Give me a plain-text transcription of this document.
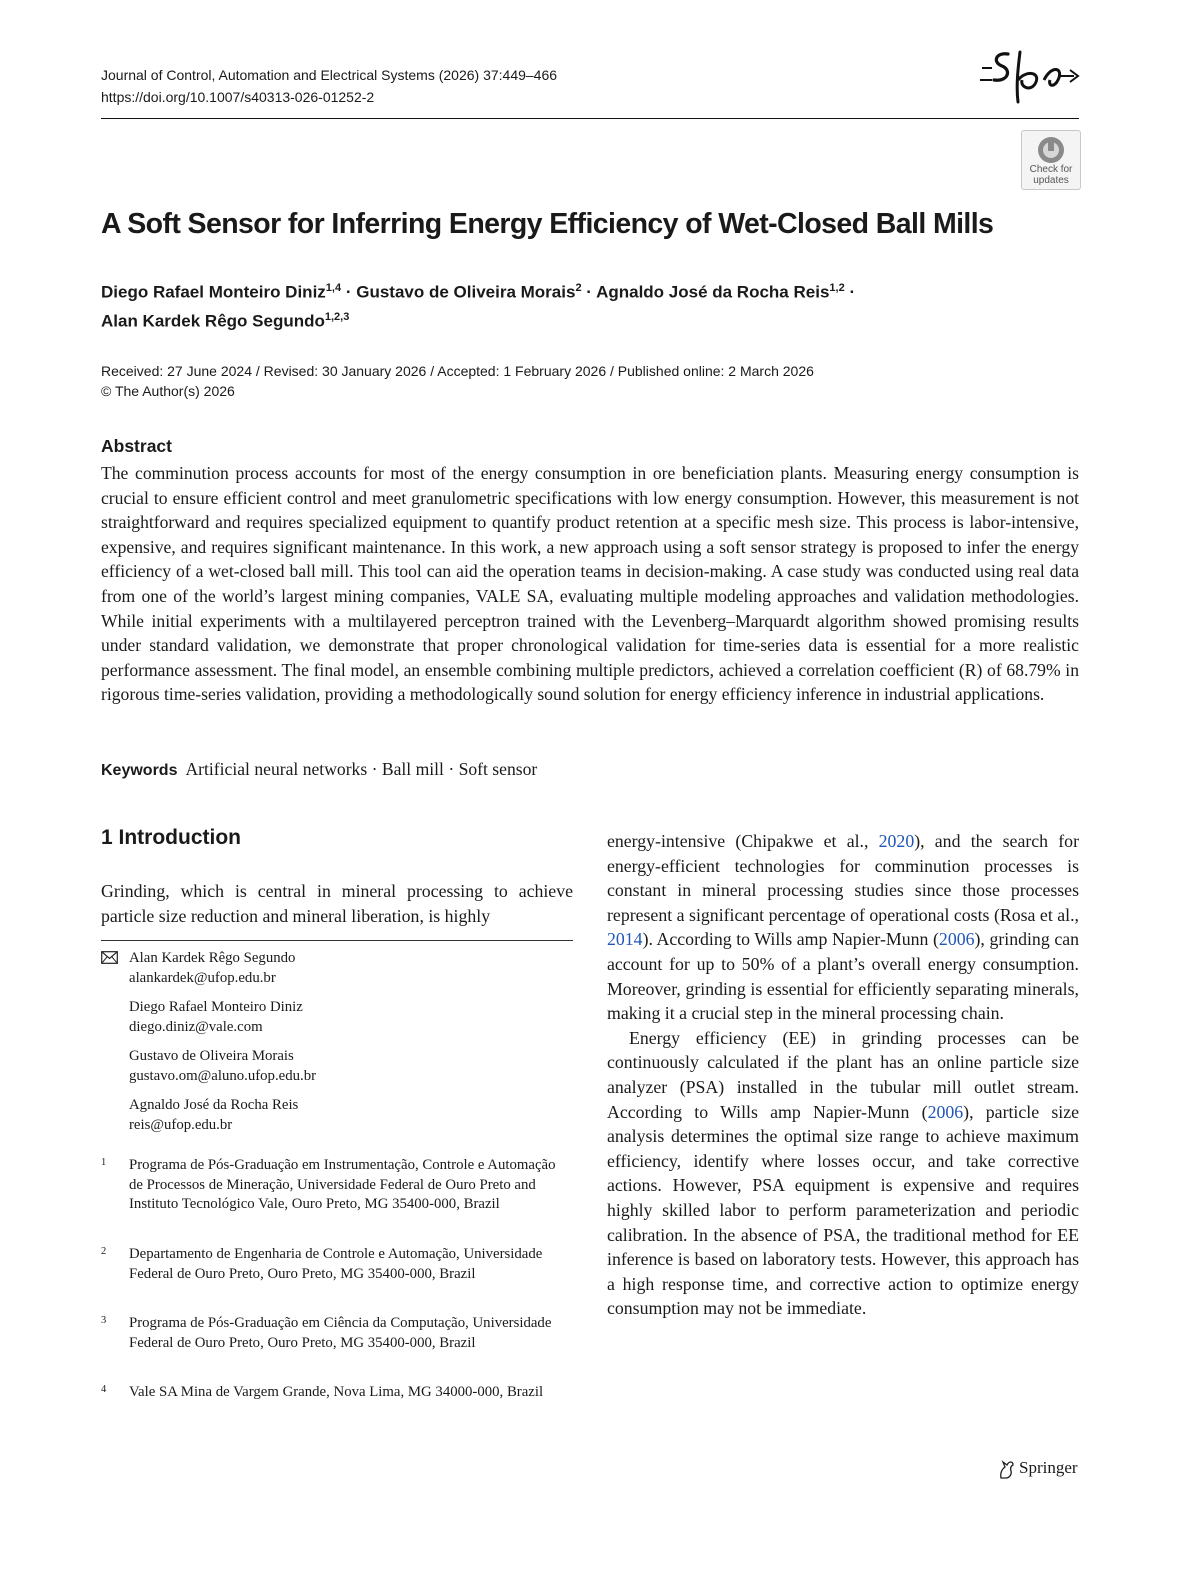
Journal of Control, Automation and Electrical Systems (2026) 37:449–466
https://doi.org/10.1007/s40313-026-01252-2
Check for updates
A Soft Sensor for Inferring Energy Efficiency of Wet-Closed Ball Mills
Diego Rafael Monteiro Diniz$^{1,4}$ · Gustavo de Oliveira Morais$^2$ · Agnaldo José da Rocha Reis$^{1,2}$ ·
Alan Kardek Rêgo Segundo$^{1,2,3}$
Received: 27 June 2024 / Revised: 30 January 2026 / Accepted: 1 February 2026 / Published online: 2 March 2026
© The Author(s) 2026
Abstract
The comminution process accounts for most of the energy consumption in ore beneficiation plants. Measuring energy consumption is crucial to ensure efficient control and meet granulometric specifications with low energy consumption. However, this measurement is not straightforward and requires specialized equipment to quantify product retention at a specific mesh size. This process is labor-intensive, expensive, and requires significant maintenance. In this work, a new approach using a soft sensor strategy is proposed to infer the energy efficiency of a wet-closed ball mill. This tool can aid the operation teams in decision-making. A case study was conducted using real data from one of the world’s largest mining companies, VALE SA, evaluating multiple modeling approaches and validation methodologies. While initial experiments with a multilayered perceptron trained with the Levenberg–Marquardt algorithm showed promising results under standard validation, we demonstrate that proper chronological validation for time-series data is essential for a more realistic performance assessment. The final model, an ensemble combining multiple predictors, achieved a correlation coefficient (R) of 68.79% in rigorous time-series validation, providing a methodologically sound solution for energy efficiency inference in industrial applications.
Keywords Artificial neural networks · Ball mill · Soft sensor
1 Introduction
Grinding, which is central in mineral processing to achieve particle size reduction and mineral liberation, is highly
Alan Kardek Rêgo Segundo
alankardek@ufop.edu.br
Diego Rafael Monteiro Diniz
diego.diniz@vale.com
Gustavo de Oliveira Morais
gustavo.om@aluno.ufop.edu.br
Agnaldo José da Rocha Reis
reis@ufop.edu.br
1 Programa de Pós-Graduação em Instrumentação, Controle e Automação de Processos de Mineração, Universidade Federal de Ouro Preto and Instituto Tecnológico Vale, Ouro Preto, MG 35400-000, Brazil
2 Departamento de Engenharia de Controle e Automação, Universidade Federal de Ouro Preto, Ouro Preto, MG 35400-000, Brazil
3 Programa de Pós-Graduação em Ciência da Computação, Universidade Federal de Ouro Preto, Ouro Preto, MG 35400-000, Brazil
4 Vale SA Mina de Vargem Grande, Nova Lima, MG 34000-000, Brazil

energy-intensive (Chipakwe et al., 2020), and the search for energy-efficient technologies for comminution processes is constant in mineral processing studies since those processes represent a significant percentage of operational costs (Rosa et al., 2014). According to Wills amp Napier-Munn (2006), grinding can account for up to 50% of a plant’s overall energy consumption. Moreover, grinding is essential for efficiently separating minerals, making it a crucial step in the mineral processing chain.

Energy efficiency (EE) in grinding processes can be continuously calculated if the plant has an online particle size analyzer (PSA) installed in the tubular mill outlet stream. According to Wills amp Napier-Munn (2006), particle size analysis determines the optimal size range to achieve maximum efficiency, identify where losses occur, and take corrective actions. However, PSA equipment is expensive and requires highly skilled labor to perform parameterization and periodic calibration. In the absence of PSA, the traditional method for EE inference is based on laboratory tests. However, this approach has a high response time, and corrective action to optimize energy consumption may not be immediate.

Springer
